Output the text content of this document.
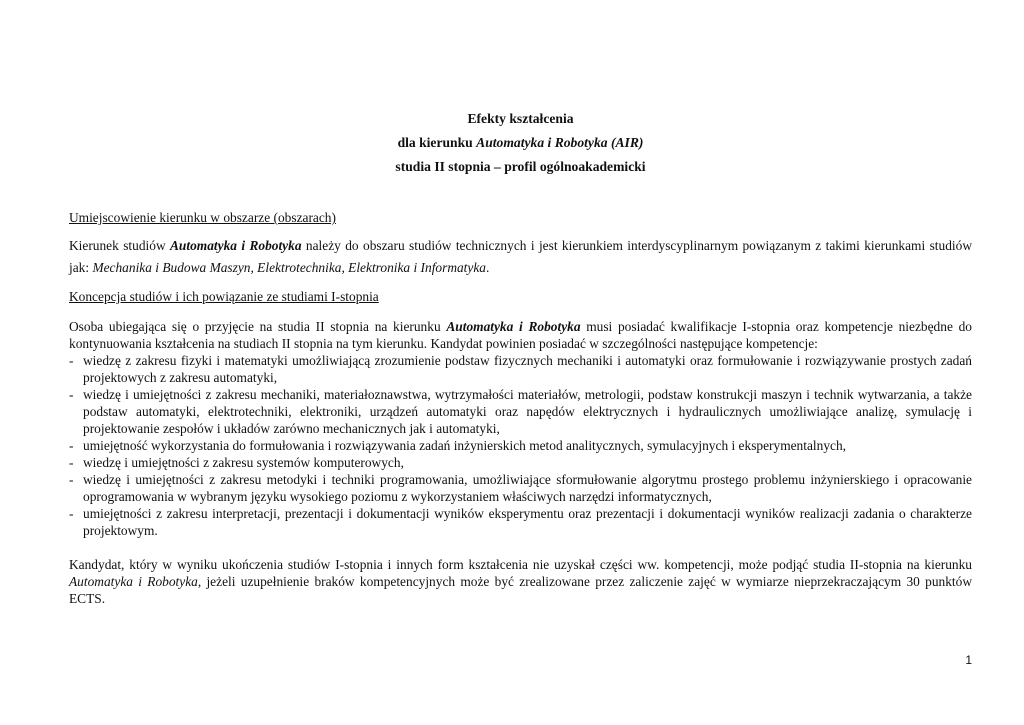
Efekty kształcenia
dla kierunku Automatyka i Robotyka (AIR)
studia II stopnia – profil ogólnoakademicki
Umiejscowienie kierunku w obszarze (obszarach)
Kierunek studiów Automatyka i Robotyka należy do obszaru studiów technicznych i jest kierunkiem interdyscyplinarnym powiązanym z takimi kierunkami studiów jak: Mechanika i Budowa Maszyn, Elektrotechnika, Elektronika i Informatyka.
Koncepcja studiów i ich powiązanie ze studiami I-stopnia
Osoba ubiegająca się o przyjęcie na studia II stopnia na kierunku Automatyka i Robotyka musi posiadać kwalifikacje I-stopnia oraz kompetencje niezbędne do kontynuowania kształcenia na studiach II stopnia na tym kierunku. Kandydat powinien posiadać w szczególności następujące kompetencje:
- wiedzę z zakresu fizyki i matematyki umożliwiającą zrozumienie podstaw fizycznych mechaniki i automatyki oraz formułowanie i rozwiązywanie prostych zadań projektowych z zakresu automatyki,
- wiedzę i umiejętności z zakresu mechaniki, materiałoznawstwa, wytrzymałości materiałów, metrologii, podstaw konstrukcji maszyn i technik wytwarzania, a także podstaw automatyki, elektrotechniki, elektroniki, urządzeń automatyki oraz napędów elektrycznych i hydraulicznych umożliwiające analizę, symulację i projektowanie zespołów i układów zarówno mechanicznych jak i automatyki,
- umiejętność wykorzystania do formułowania i rozwiązywania zadań inżynierskich metod analitycznych, symulacyjnych i eksperymentalnych,
- wiedzę i umiejętności z zakresu systemów komputerowych,
- wiedzę i umiejętności z zakresu metodyki i techniki programowania, umożliwiające sformułowanie algorytmu prostego problemu inżynierskiego i opracowanie oprogramowania w wybranym języku wysokiego poziomu z wykorzystaniem właściwych narzędzi informatycznych,
- umiejętności z zakresu interpretacji, prezentacji i dokumentacji wyników eksperymentu oraz prezentacji i dokumentacji wyników realizacji zadania o charakterze projektowym.
Kandydat, który w wyniku ukończenia studiów I-stopnia i innych form kształcenia nie uzyskał części ww. kompetencji, może podjąć studia II-stopnia na kierunku Automatyka i Robotyka, jeżeli uzupełnienie braków kompetencyjnych może być zrealizowane przez zaliczenie zajęć w wymiarze nieprzekraczającym 30 punktów ECTS.
1
